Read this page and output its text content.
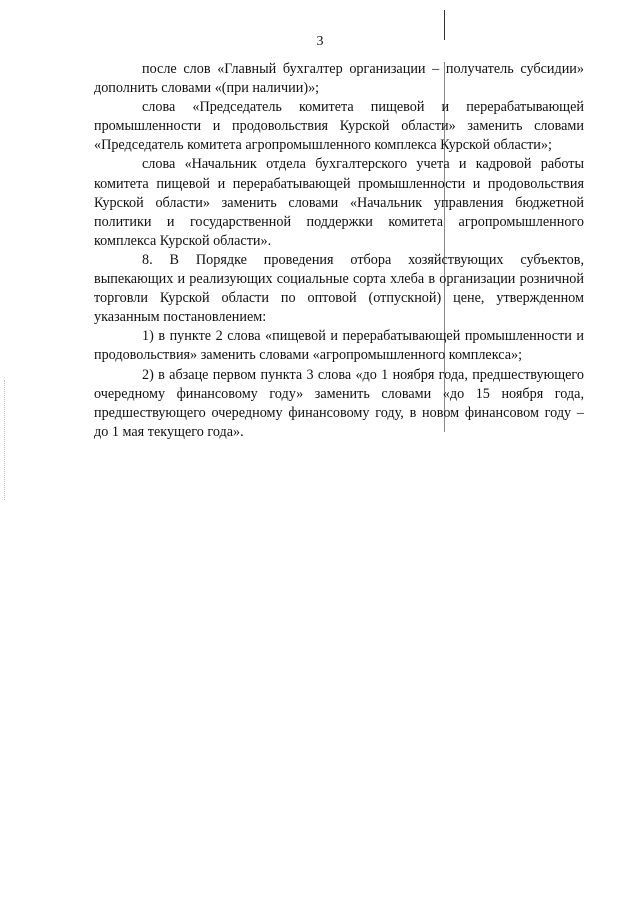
3

после слов «Главный бухгалтер организации – получатель субсидии» дополнить словами «(при наличии)»;

слова «Председатель комитета пищевой и перерабатывающей промышленности и продовольствия Курской области» заменить словами «Председатель комитета агропромышленного комплекса Курской области»;

слова «Начальник отдела бухгалтерского учета и кадровой работы комитета пищевой и перерабатывающей промышленности и продовольствия Курской области» заменить словами «Начальник управления бюджетной политики и государственной поддержки комитета агропромышленного комплекса Курской области».

8. В Порядке проведения отбора хозяйствующих субъектов, выпекающих и реализующих социальные сорта хлеба в организации розничной торговли Курской области по оптовой (отпускной) цене, утвержденном указанным постановлением:

1) в пункте 2 слова «пищевой и перерабатывающей промышленности и продовольствия» заменить словами «агропромышленного комплекса»;

2) в абзаце первом пункта 3 слова «до 1 ноября года, предшествующего очередному финансовому году» заменить словами «до 15 ноября года, предшествующего очередному финансовому году, в новом финансовом году – до 1 мая текущего года».
